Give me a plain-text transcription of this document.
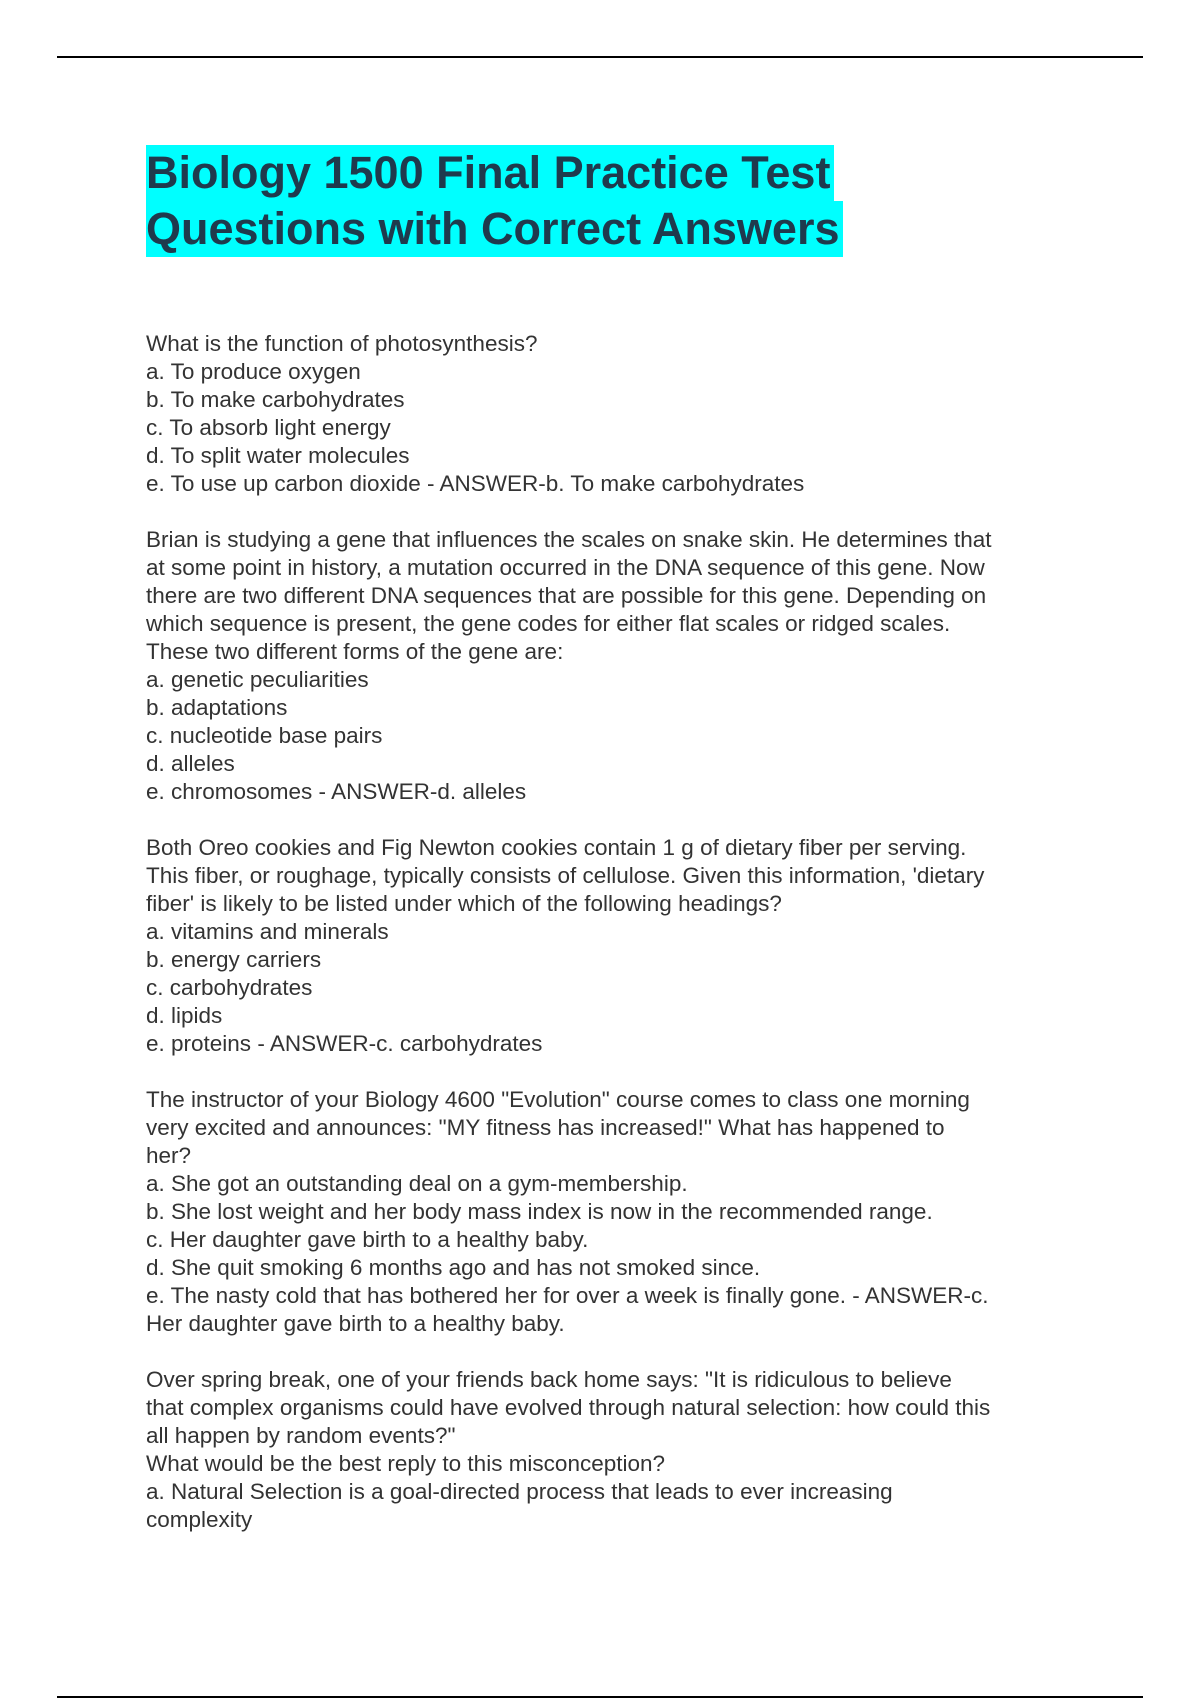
Biology 1500 Final Practice Test
Questions with Correct Answers
What is the function of photosynthesis?
a. To produce oxygen
b. To make carbohydrates
c. To absorb light energy
d. To split water molecules
e. To use up carbon dioxide - ANSWER-b. To make carbohydrates
Brian is studying a gene that influences the scales on snake skin. He determines that
at some point in history, a mutation occurred in the DNA sequence of this gene. Now
there are two different DNA sequences that are possible for this gene. Depending on
which sequence is present, the gene codes for either flat scales or ridged scales.
These two different forms of the gene are:
a. genetic peculiarities
b. adaptations
c. nucleotide base pairs
d. alleles
e. chromosomes - ANSWER-d. alleles
Both Oreo cookies and Fig Newton cookies contain 1 g of dietary fiber per serving.
This fiber, or roughage, typically consists of cellulose. Given this information, 'dietary
fiber' is likely to be listed under which of the following headings?
a. vitamins and minerals
b. energy carriers
c. carbohydrates
d. lipids
e. proteins - ANSWER-c. carbohydrates
The instructor of your Biology 4600 "Evolution" course comes to class one morning
very excited and announces: "MY fitness has increased!" What has happened to
her?
a. She got an outstanding deal on a gym-membership.
b. She lost weight and her body mass index is now in the recommended range.
c. Her daughter gave birth to a healthy baby.
d. She quit smoking 6 months ago and has not smoked since.
e. The nasty cold that has bothered her for over a week is finally gone. - ANSWER-c.
Her daughter gave birth to a healthy baby.
Over spring break, one of your friends back home says: "It is ridiculous to believe
that complex organisms could have evolved through natural selection: how could this
all happen by random events?"
What would be the best reply to this misconception?
a. Natural Selection is a goal-directed process that leads to ever increasing
complexity
